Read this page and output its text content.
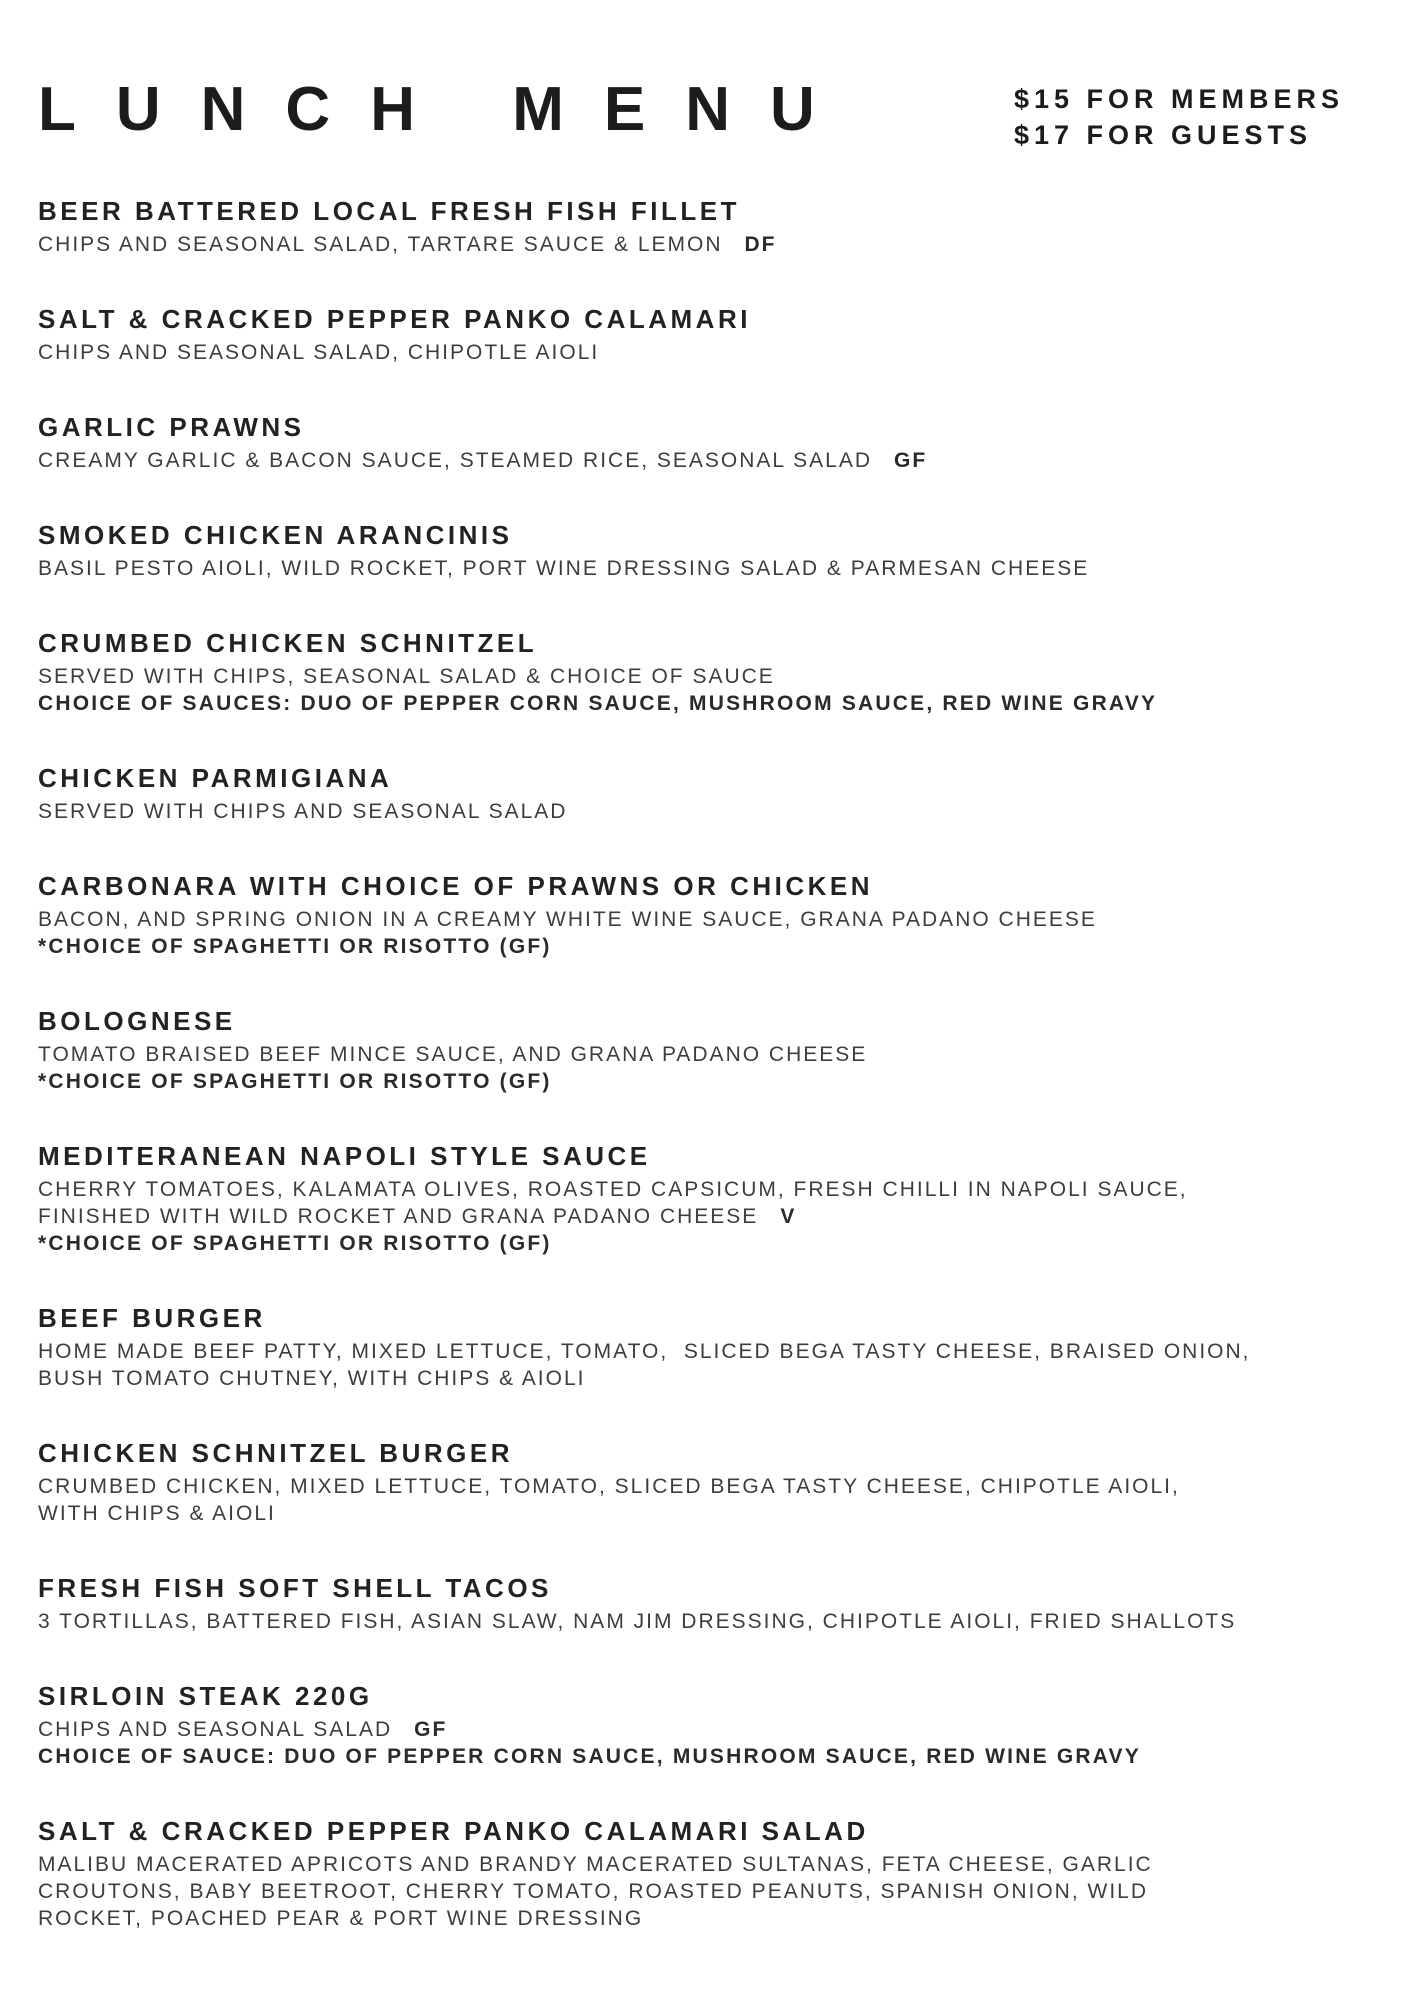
LUNCH MENU	$15 FOR MEMBERS
$17 FOR GUESTS
BEER BATTERED LOCAL FRESH FISH FILLET

CHIPS AND SEASONAL SALAD, TARTARE SAUCE & LEMON DF

SALT & CRACKED PEPPER PANKO CALAMARI

CHIPS AND SEASONAL SALAD, CHIPOTLE AIOLI

GARLIC PRAWNS

CREAMY GARLIC & BACON SAUCE, STEAMED RICE, SEASONAL SALAD GF

SMOKED CHICKEN ARANCINIS

BASIL PESTO AIOLI, WILD ROCKET, PORT WINE DRESSING SALAD & PARMESAN CHEESE

CRUMBED CHICKEN SCHNITZEL

SERVED WITH CHIPS, SEASONAL SALAD & CHOICE OF SAUCE

CHOICE OF SAUCES: DUO OF PEPPER CORN SAUCE, MUSHROOM SAUCE, RED WINE GRAVY

CHICKEN PARMIGIANA

SERVED WITH CHIPS AND SEASONAL SALAD

CARBONARA WITH CHOICE OF PRAWNS OR CHICKEN

BACON, AND SPRING ONION IN A CREAMY WHITE WINE SAUCE, GRANA PADANO CHEESE

*CHOICE OF SPAGHETTI OR RISOTTO (GF)

BOLOGNESE

TOMATO BRAISED BEEF MINCE SAUCE, AND GRANA PADANO CHEESE

*CHOICE OF SPAGHETTI OR RISOTTO (GF)

MEDITERANEAN NAPOLI STYLE SAUCE

CHERRY TOMATOES, KALAMATA OLIVES, ROASTED CAPSICUM, FRESH CHILLI IN NAPOLI SAUCE,

FINISHED WITH WILD ROCKET AND GRANA PADANO CHEESE V

*CHOICE OF SPAGHETTI OR RISOTTO (GF)

BEEF BURGER

HOME MADE BEEF PATTY, MIXED LETTUCE, TOMATO,  SLICED BEGA TASTY CHEESE, BRAISED ONION,

BUSH TOMATO CHUTNEY, WITH CHIPS & AIOLI

CHICKEN SCHNITZEL BURGER

CRUMBED CHICKEN, MIXED LETTUCE, TOMATO, SLICED BEGA TASTY CHEESE, CHIPOTLE AIOLI,

WITH CHIPS & AIOLI

FRESH FISH SOFT SHELL TACOS

3 TORTILLAS, BATTERED FISH, ASIAN SLAW, NAM JIM DRESSING, CHIPOTLE AIOLI, FRIED SHALLOTS

SIRLOIN STEAK 220G

CHIPS AND SEASONAL SALAD GF

CHOICE OF SAUCE: DUO OF PEPPER CORN SAUCE, MUSHROOM SAUCE, RED WINE GRAVY

SALT & CRACKED PEPPER PANKO CALAMARI SALAD

MALIBU MACERATED APRICOTS AND BRANDY MACERATED SULTANAS, FETA CHEESE, GARLIC

CROUTONS, BABY BEETROOT, CHERRY TOMATO, ROASTED PEANUTS, SPANISH ONION, WILD

ROCKET, POACHED PEAR & PORT WINE DRESSING
